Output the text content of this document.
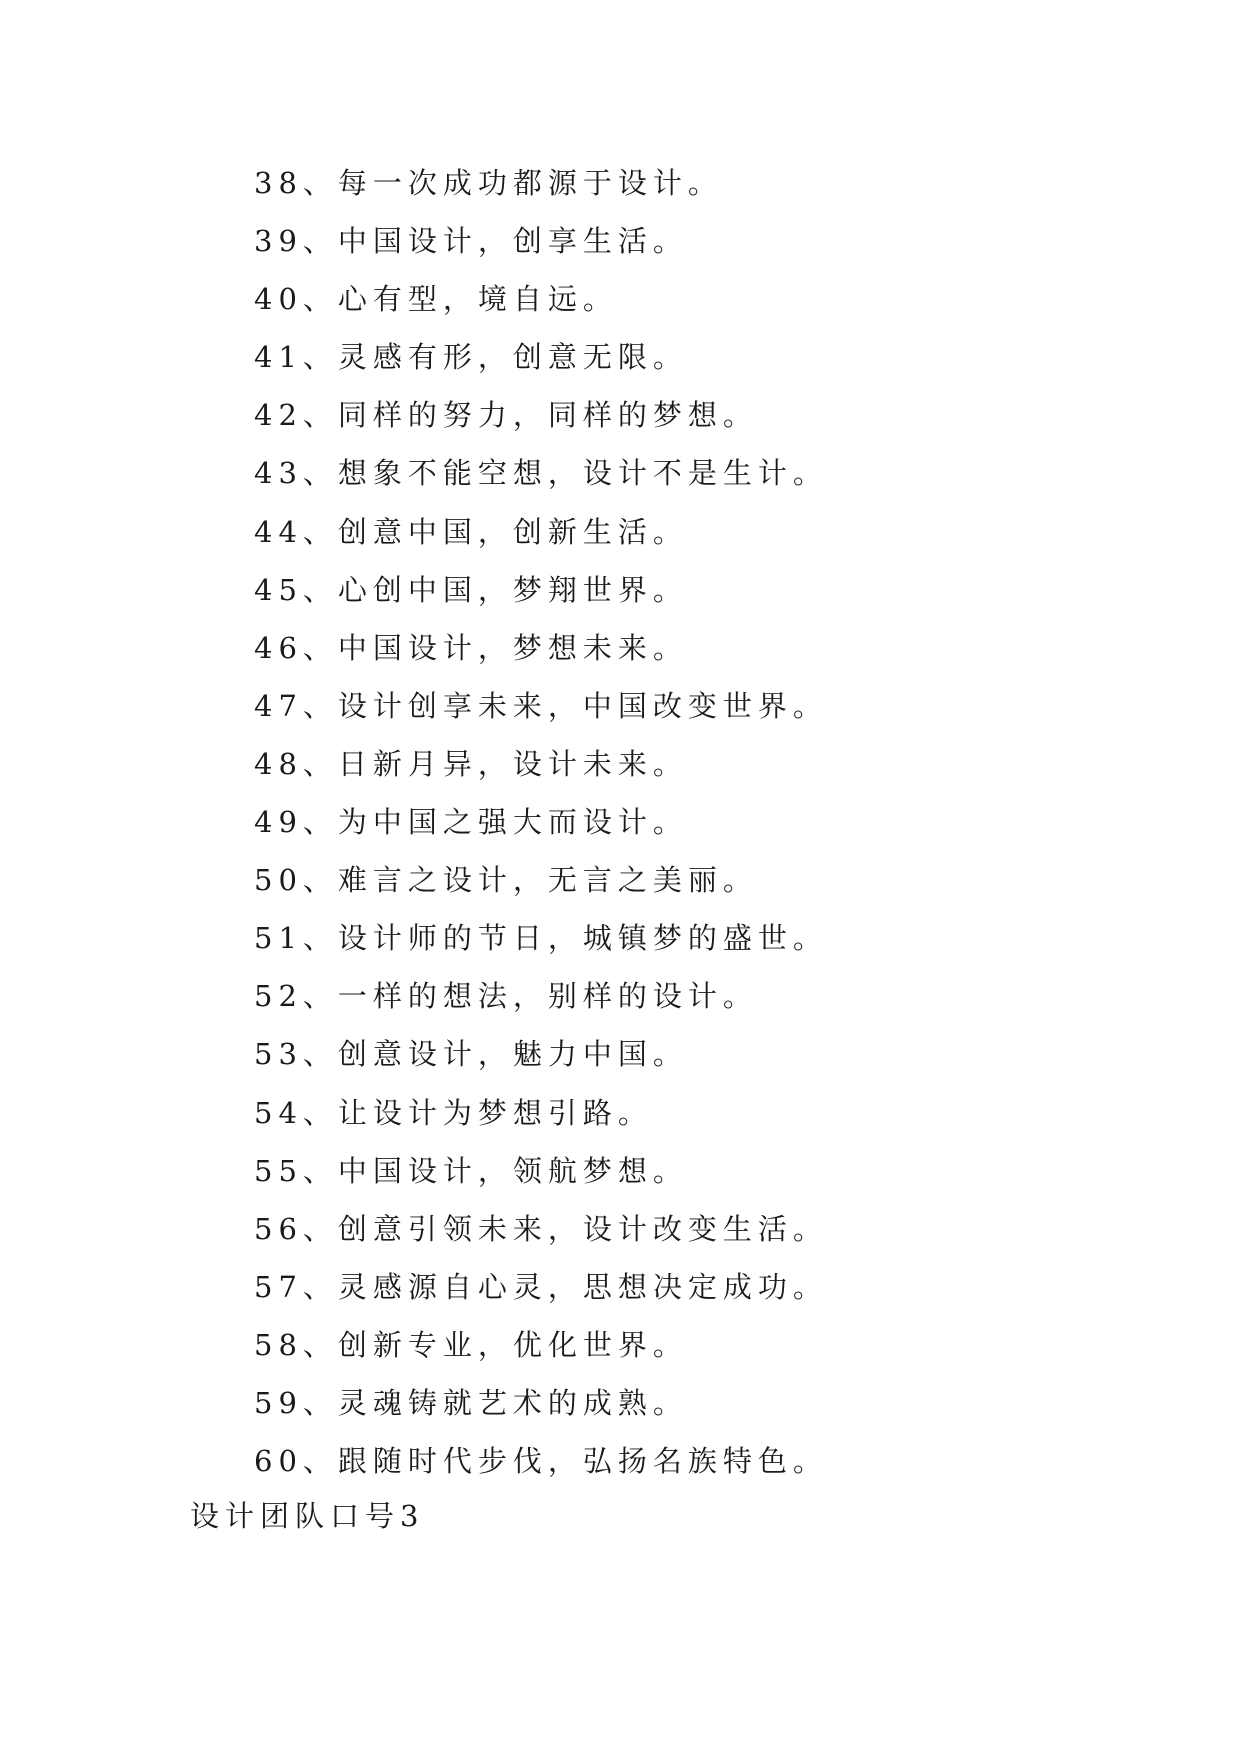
38、每一次成功都源于设计。
39、中国设计，创享生活。
40、心有型，境自远。
41、灵感有形，创意无限。
42、同样的努力，同样的梦想。
43、想象不能空想，设计不是生计。
44、创意中国，创新生活。
45、心创中国，梦翔世界。
46、中国设计，梦想未来。
47、设计创享未来，中国改变世界。
48、日新月异，设计未来。
49、为中国之强大而设计。
50、难言之设计，无言之美丽。
51、设计师的节日，城镇梦的盛世。
52、一样的想法，别样的设计。
53、创意设计，魅力中国。
54、让设计为梦想引路。
55、中国设计，领航梦想。
56、创意引领未来，设计改变生活。
57、灵感源自心灵，思想决定成功。
58、创新专业，优化世界。
59、灵魂铸就艺术的成熟。
60、跟随时代步伐，弘扬名族特色。
设计团队口号3
